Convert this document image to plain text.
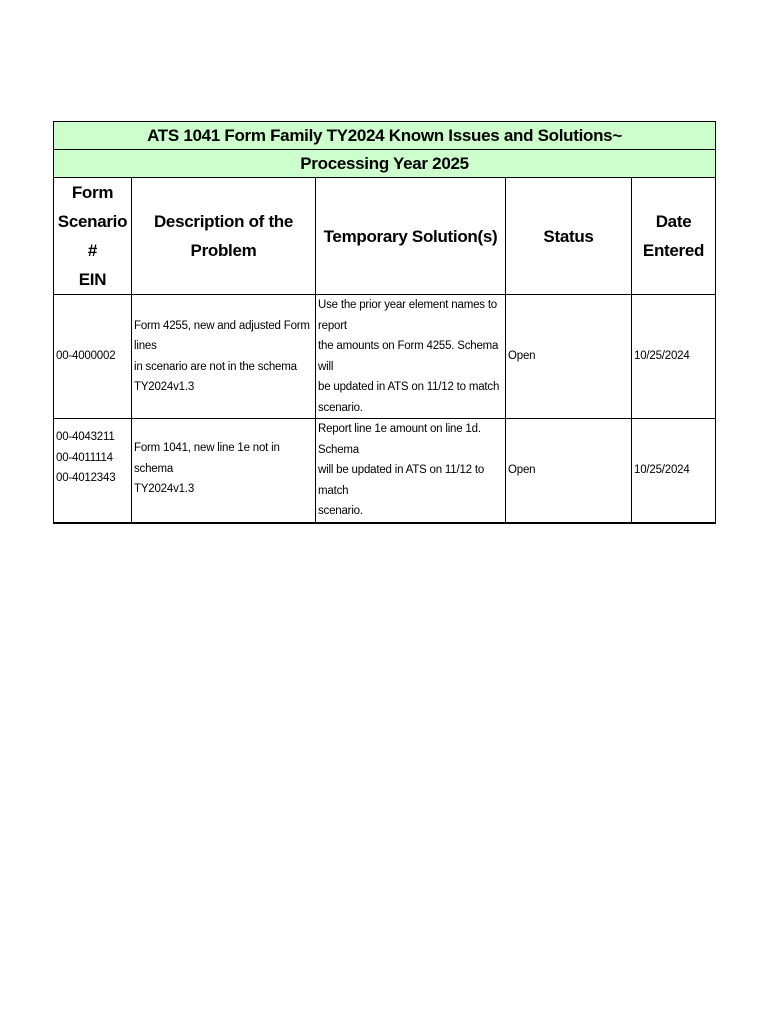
ATS 1041 Form Family TY2024 Known Issues and Solutions~				
Processing Year 2025				

Form
Scenario #
EIN	Description of the Problem	Temporary Solution(s)	Status	Date
Entered

00-4000002	Form 4255, new and adjusted Form lines
in scenario are not in the schema
TY2024v1.3	Use the prior year element names to report
the amounts on Form 4255. Schema will
be updated in ATS on 11/12 to match
scenario.	Open	10/25/2024

00-4043211
00-4011114
00-4012343	Form 1041, new line 1e not in schema
TY2024v1.3	Report line 1e amount on line 1d. Schema
will be updated in ATS on 11/12 to match
scenario.	Open	10/25/2024
